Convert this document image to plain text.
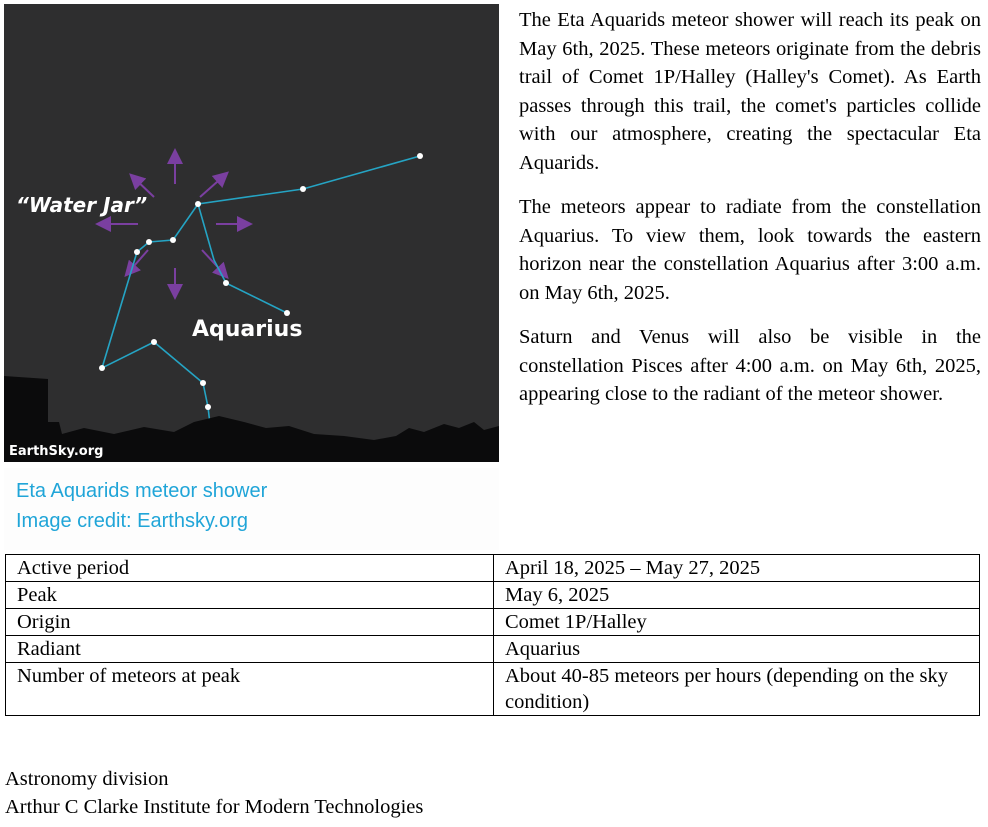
“Water Jar”
Aquarius
EarthSky.org
Eta Aquarids meteor shower
Image credit: Earthsky.org

The Eta Aquarids meteor shower will reach its peak on May 6th, 2025. These meteors originate from the debris trail of Comet 1P/Halley (Halley's Comet). As Earth passes through this trail, the comet's particles collide with our atmosphere, creating the spectacular Eta Aquarids.

The meteors appear to radiate from the constellation Aquarius. To view them, look towards the eastern horizon near the constellation Aquarius after 3:00 a.m. on May 6th, 2025.

Saturn and Venus will also be visible in the constellation Pisces after 4:00 a.m. on May 6th, 2025, appearing close to the radiant of the meteor shower.

Active period	April 18, 2025 – May 27, 2025
Peak	May 6, 2025
Origin	Comet 1P/Halley
Radiant	Aquarius
Number of meteors at peak	About 40-85 meteors per hours (depending on the sky condition)
Astronomy division
Arthur C Clarke Institute for Modern Technologies
